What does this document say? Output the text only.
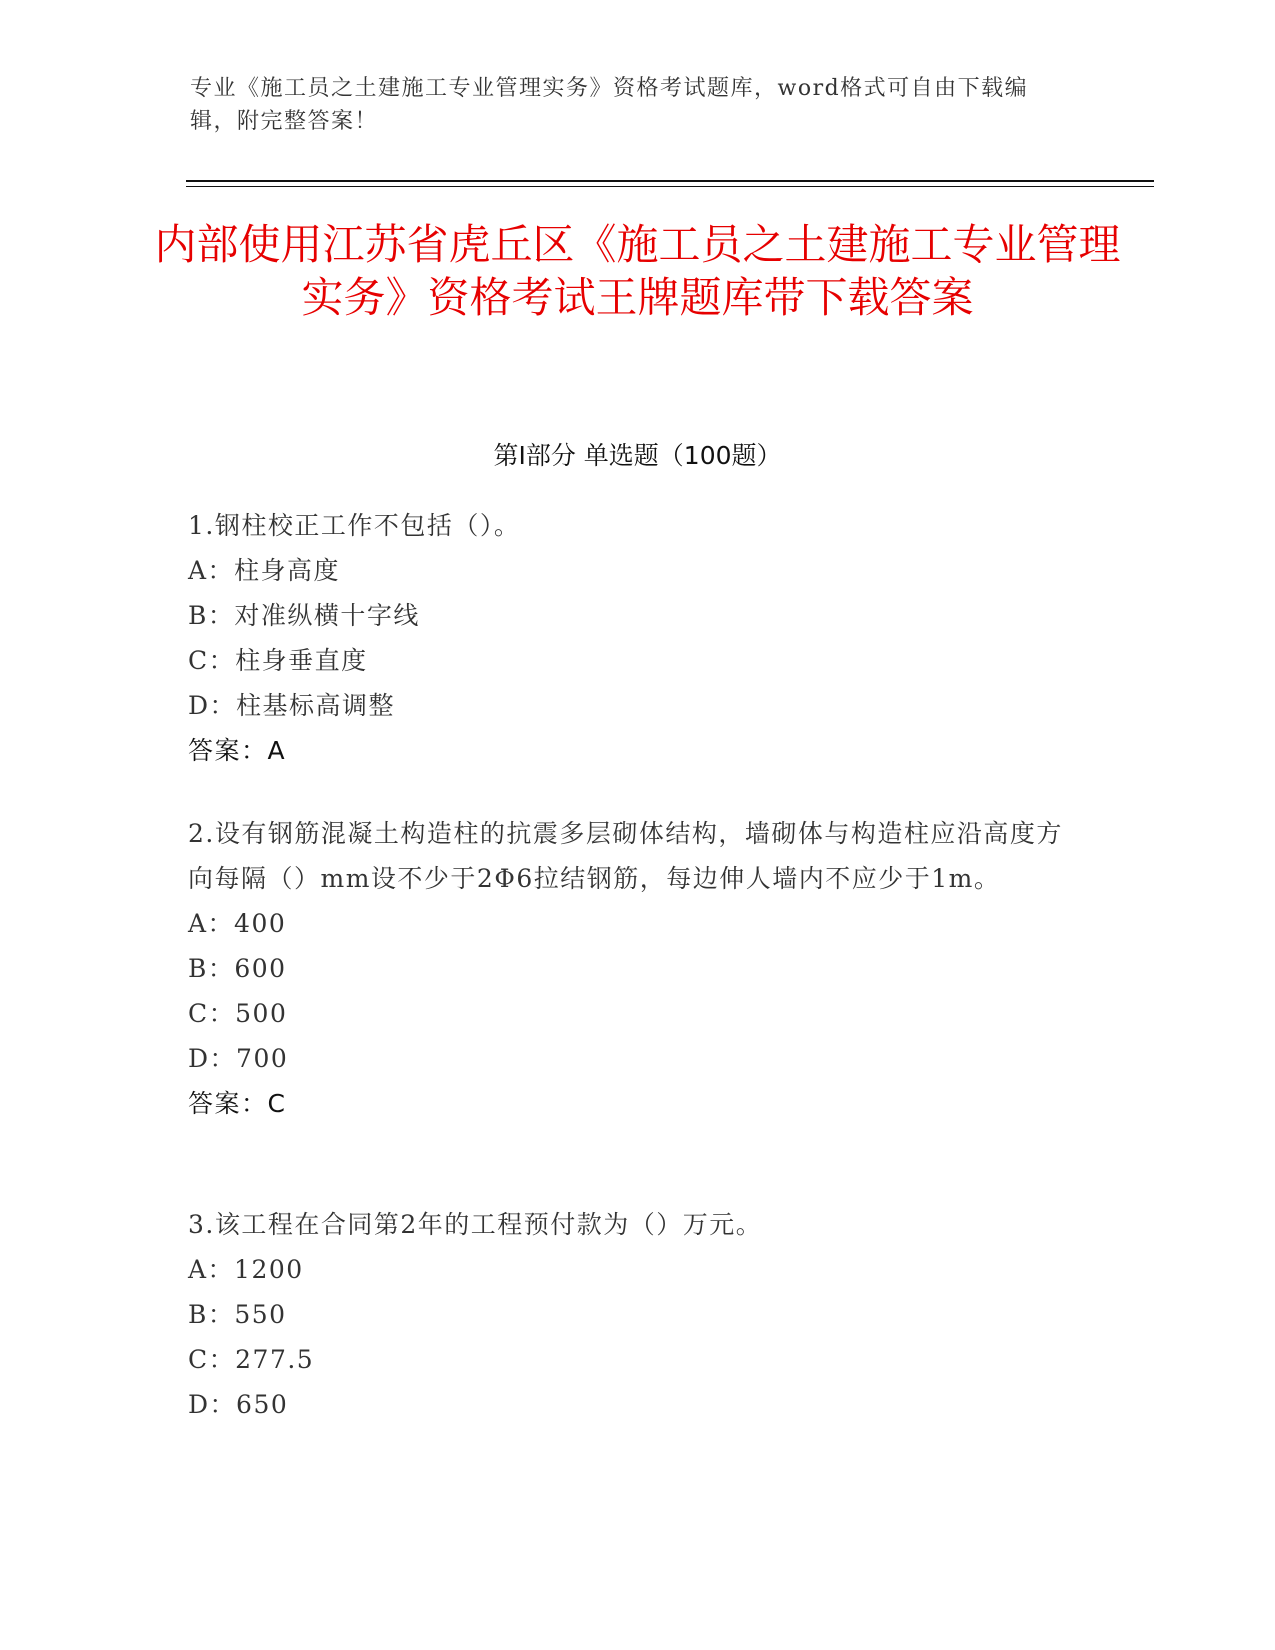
专业《施工员之土建施工专业管理实务》资格考试题库，word格式可自由下载编辑，附完整答案！
内部使用江苏省虎丘区《施工员之土建施工专业管理实务》资格考试王牌题库带下载答案
第Ⅰ部分 单选题（100题）
1.钢柱校正工作不包括（）。
A：柱身高度
B：对准纵横十字线
C：柱身垂直度
D：柱基标高调整
答案：A
2.设有钢筋混凝土构造柱的抗震多层砌体结构，墙砌体与构造柱应沿高度方向每隔（）mm设不少于2Φ6拉结钢筋，每边伸人墙内不应少于1m。
A：400
B：600
C：500
D：700
答案：C
3.该工程在合同第2年的工程预付款为（）万元。
A：1200
B：550
C：277.5
D：650
